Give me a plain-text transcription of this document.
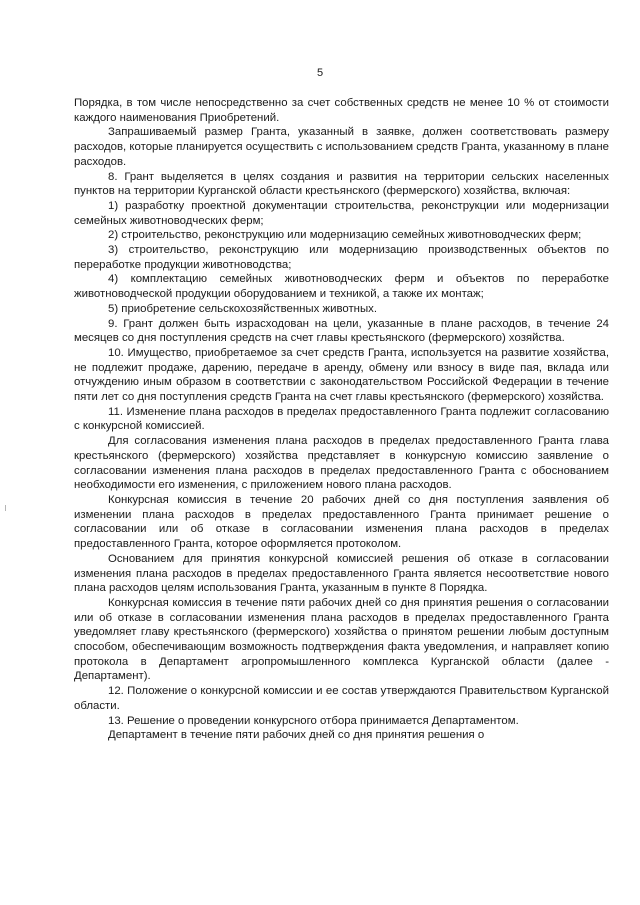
5

Порядка, в том числе непосредственно за счет собственных средств не менее 10 % от стоимости каждого наименования Приобретений.

Запрашиваемый размер Гранта, указанный в заявке, должен соответствовать размеру расходов, которые планируется осуществить с использованием средств Гранта, указанному в плане расходов.

8. Грант выделяется в целях создания и развития на территории сельских населенных пунктов на территории Курганской области крестьянского (фермерского) хозяйства, включая:

1) разработку проектной документации строительства, реконструкции или модернизации семейных животноводческих ферм;

2) строительство, реконструкцию или модернизацию семейных животноводческих ферм;

3) строительство, реконструкцию или модернизацию производственных объектов по переработке продукции животноводства;

4) комплектацию семейных животноводческих ферм и объектов по переработке животноводческой продукции оборудованием и техникой, а также их монтаж;

5) приобретение сельскохозяйственных животных.

9. Грант должен быть израсходован на цели, указанные в плане расходов, в течение 24 месяцев со дня поступления средств на счет главы крестьянского (фермерского) хозяйства.

10. Имущество, приобретаемое за счет средств Гранта, используется на развитие хозяйства, не подлежит продаже, дарению, передаче в аренду, обмену или взносу в виде пая, вклада или отчуждению иным образом в соответствии с законодательством Российской Федерации в течение пяти лет со дня поступления средств Гранта на счет главы крестьянского (фермерского) хозяйства.

11. Изменение плана расходов в пределах предоставленного Гранта подлежит согласованию с конкурсной комиссией.

Для согласования изменения плана расходов в пределах предоставленного Гранта глава крестьянского (фермерского) хозяйства представляет в конкурсную комиссию заявление о согласовании изменения плана расходов в пределах предоставленного Гранта с обоснованием необходимости его изменения, с приложением нового плана расходов.

Конкурсная комиссия в течение 20 рабочих дней со дня поступления заявления об изменении плана расходов в пределах предоставленного Гранта принимает решение о согласовании или об отказе в согласовании изменения плана расходов в пределах предоставленного Гранта, которое оформляется протоколом.

Основанием для принятия конкурсной комиссией решения об отказе в согласовании изменения плана расходов в пределах предоставленного Гранта является несоответствие нового плана расходов целям использования Гранта, указанным в пункте 8 Порядка.

Конкурсная комиссия в течение пяти рабочих дней со дня принятия решения о согласовании или об отказе в согласовании изменения плана расходов в пределах предоставленного Гранта уведомляет главу крестьянского (фермерского) хозяйства о принятом решении любым доступным способом, обеспечивающим возможность подтверждения факта уведомления, и направляет копию протокола в Департамент агропромышленного комплекса Курганской области (далее - Департамент).

12. Положение о конкурсной комиссии и ее состав утверждаются Правительством Курганской области.

13. Решение о проведении конкурсного отбора принимается Департаментом.

Департамент в течение пяти рабочих дней со дня принятия решения о
